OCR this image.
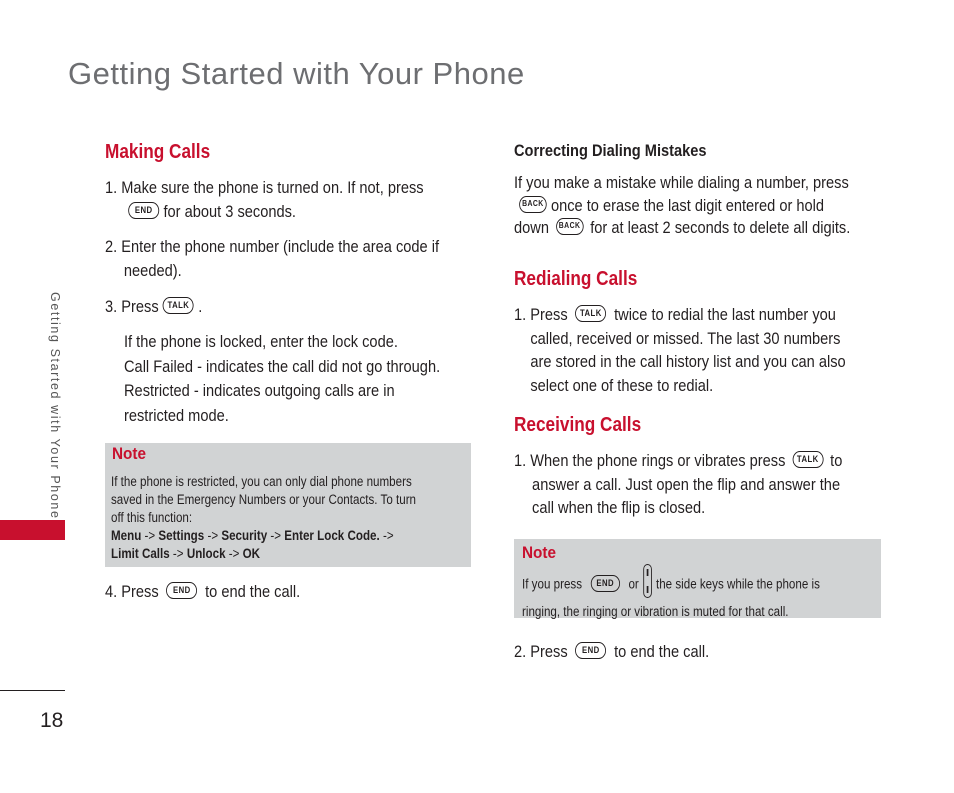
Getting Started with Your Phone
Getting Started with Your Phone
18
Making Calls
1. Make sure the phone is turned on. If not, press
END for about 3 seconds.
2. Enter the phone number (include the area code if
needed).
3. Press TALK .
If the phone is locked, enter the lock code.
Call Failed - indicates the call did not go through.
Restricted - indicates outgoing calls are in
restricted mode.
Note
If the phone is restricted, you can only dial phone numbers
saved in the Emergency Numbers or your Contacts. To turn
off this function:
Menu -> Settings -> Security -> Enter Lock Code. ->
Limit Calls -> Unlock -> OK
4. Press END to end the call.
Correcting Dialing Mistakes
If you make a mistake while dialing a number, press
BACK once to erase the last digit entered or hold
down BACK for at least 2 seconds to delete all digits.
Redialing Calls
1. Press TALK twice to redial the last number you
called, received or missed. The last 30 numbers
are stored in the call history list and you can also
select one of these to redial.
Receiving Calls
1. When the phone rings or vibrates press TALK to
answer a call. Just open the flip and answer the
call when the flip is closed.
Note
If you press END or the side keys while the phone is
ringing, the ringing or vibration is muted for that call.
2. Press END to end the call.
